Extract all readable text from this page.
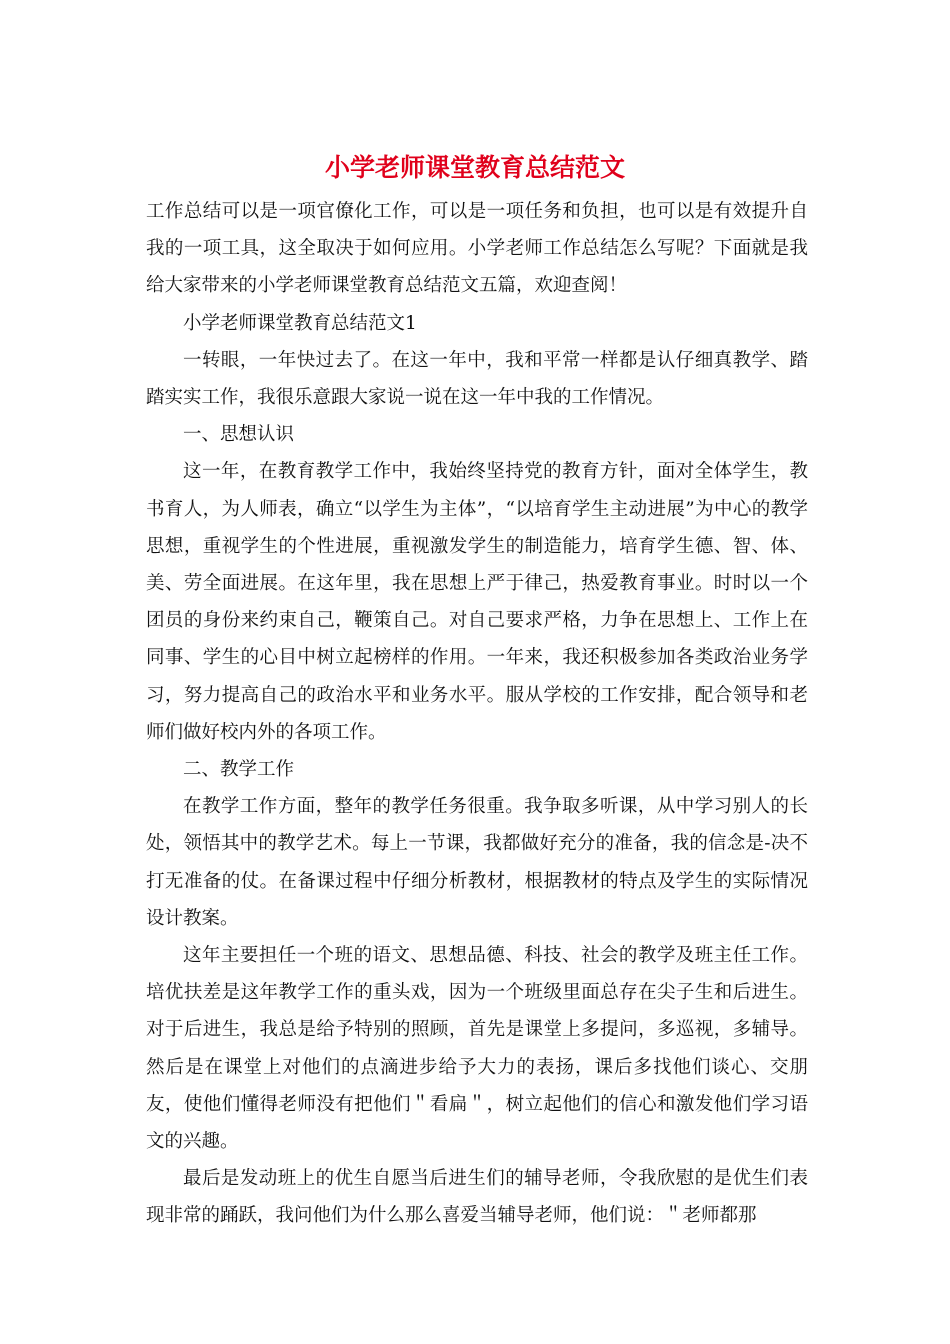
小学老师课堂教育总结范文

工作总结可以是一项官僚化工作，可以是一项任务和负担，也可以是有效提升自我的一项工具，这全取决于如何应用。小学老师工作总结怎么写呢？下面就是我给大家带来的小学老师课堂教育总结范文五篇，欢迎查阅！

小学老师课堂教育总结范文1

一转眼，一年快过去了。在这一年中，我和平常一样都是认仔细真教学、踏踏实实工作，我很乐意跟大家说一说在这一年中我的工作情况。

一、思想认识

这一年，在教育教学工作中，我始终坚持党的教育方针，面对全体学生，教书育人，为人师表，确立“以学生为主体”，“以培育学生主动进展”为中心的教学思想，重视学生的个性进展，重视激发学生的制造能力，培育学生德、智、体、美、劳全面进展。在这年里，我在思想上严于律己，热爱教育事业。时时以一个团员的身份来约束自己，鞭策自己。对自己要求严格，力争在思想上、工作上在同事、学生的心目中树立起榜样的作用。一年来，我还积极参加各类政治业务学习，努力提高自己的政治水平和业务水平。服从学校的工作安排，配合领导和老师们做好校内外的各项工作。

二、教学工作

在教学工作方面，整年的教学任务很重。我争取多听课，从中学习别人的长处，领悟其中的教学艺术。每上一节课，我都做好充分的准备，我的信念是-决不打无准备的仗。在备课过程中仔细分析教材，根据教材的特点及学生的实际情况设计教案。

这年主要担任一个班的语文、思想品德、科技、社会的教学及班主任工作。培优扶差是这年教学工作的重头戏，因为一个班级里面总存在尖子生和后进生。对于后进生，我总是给予特别的照顾，首先是课堂上多提问，多巡视，多辅导。然后是在课堂上对他们的点滴进步给予大力的表扬，课后多找他们谈心、交朋友，使他们懂得老师没有把他们＂看扁＂，树立起他们的信心和激发他们学习语文的兴趣。

最后是发动班上的优生自愿当后进生们的辅导老师，令我欣慰的是优生们表现非常的踊跃，我问他们为什么那么喜爱当辅导老师，他们说：＂老师都那
